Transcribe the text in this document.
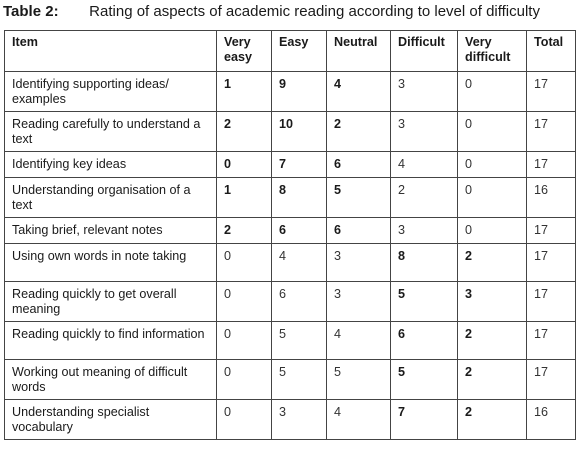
Table 2: Rating of aspects of academic reading according to level of difficulty
Item	Very easy	Easy	Neutral	Difficult	Very difficult	Total
Identifying supporting ideas/ examples	1	9	4	3	0	17
Reading carefully to understand a text	2	10	2	3	0	17
Identifying key ideas	0	7	6	4	0	17
Understanding organisation of a text	1	8	5	2	0	16
Taking brief, relevant notes	2	6	6	3	0	17
Using own words in note taking	0	4	3	8	2	17
Reading quickly to get overall meaning	0	6	3	5	3	17
Reading quickly to find information	0	5	4	6	2	17
Working out meaning of difficult words	0	5	5	5	2	17
Understanding specialist vocabulary	0	3	4	7	2	16
